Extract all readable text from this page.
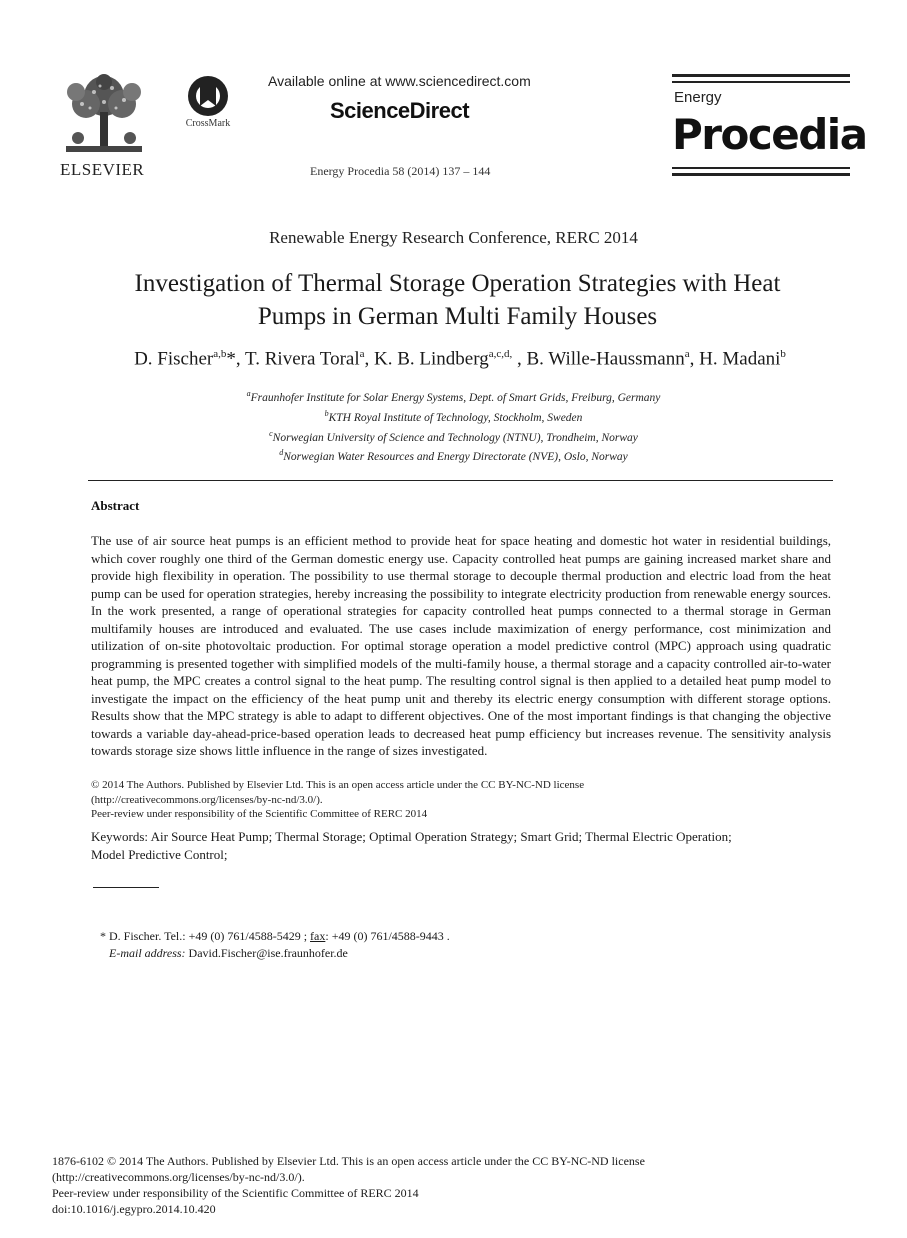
ELSEVIER
CrossMark
Available online at www.sciencedirect.com
ScienceDirect
Energy Procedia 58 (2014) 137 – 144
Energy
Procedia
Renewable Energy Research Conference, RERC 2014
Investigation of Thermal Storage Operation Strategies with Heat
Pumps in German Multi Family Houses
D. Fischer$^{a,b}$*, T. Rivera Toral$^a$, K. B. Lindberg$^{a,c,d,}$ , B. Wille-Haussmann$^a$, H. Madani$^b$
$^a$Fraunhofer Institute for Solar Energy Systems, Dept. of Smart Grids, Freiburg, Germany
$^b$KTH Royal Institute of Technology, Stockholm, Sweden
$^c$Norwegian University of Science and Technology (NTNU), Trondheim, Norway
$^d$Norwegian Water Resources and Energy Directorate (NVE), Oslo, Norway
Abstract
The use of air source heat pumps is an efficient method to provide heat for space heating and domestic hot water in residential buildings, which cover roughly one third of the German domestic energy use. Capacity controlled heat pumps are gaining increased market share and provide high flexibility in operation. The possibility to use thermal storage to decouple thermal production and electric load from the heat pump can be used for operation strategies, hereby increasing the possibility to integrate electricity production from renewable energy sources. In the work presented, a range of operational strategies for capacity controlled heat pumps connected to a thermal storage in German multifamily houses are introduced and evaluated. The use cases include maximization of energy performance, cost minimization and utilization of on-site photovoltaic production. For optimal storage operation a model predictive control (MPC) approach using quadratic programming is presented together with simplified models of the multi-family house, a thermal storage and a capacity controlled air-to-water heat pump, the MPC creates a control signal to the heat pump. The resulting control signal is then applied to a detailed heat pump model to investigate the impact on the efficiency of the heat pump unit and thereby its electric energy consumption with different storage options. Results show that the MPC strategy is able to adapt to different objectives. One of the most important findings is that changing the objective towards a variable day-ahead-price-based operation leads to decreased heat pump efficiency but increases revenue. The sensitivity analysis towards storage size shows little influence in the range of sizes investigated.
© 2014 The Authors. Published by Elsevier Ltd. This is an open access article under the CC BY-NC-ND license
(http://creativecommons.org/licenses/by-nc-nd/3.0/).
Peer-review under responsibility of the Scientific Committee of RERC 2014
Keywords: Air Source Heat Pump; Thermal Storage; Optimal Operation Strategy; Smart Grid; Thermal Electric Operation;
Model Predictive Control;
* D. Fischer. Tel.: +49 (0) 761/4588-5429 ; fax: +49 (0) 761/4588-9443 .
E-mail address: David.Fischer@ise.fraunhofer.de
1876-6102 © 2014 The Authors. Published by Elsevier Ltd. This is an open access article under the CC BY-NC-ND license
(http://creativecommons.org/licenses/by-nc-nd/3.0/).
Peer-review under responsibility of the Scientific Committee of RERC 2014
doi:10.1016/j.egypro.2014.10.420
